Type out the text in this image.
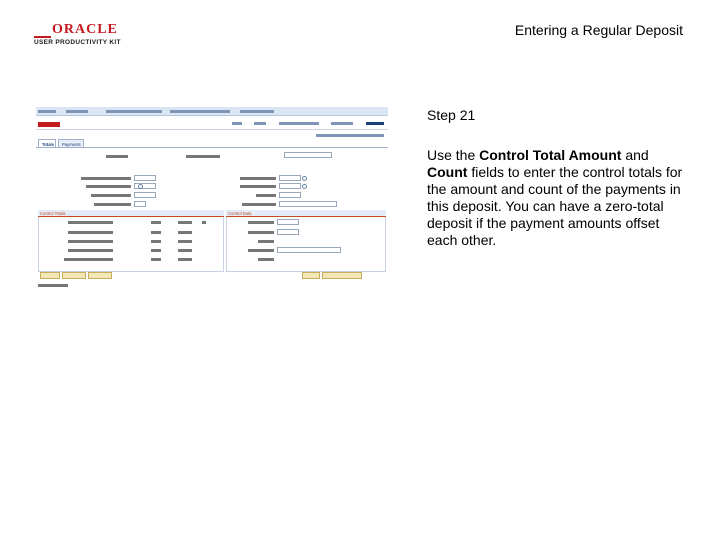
ORACLE
USER PRODUCTIVITY KIT
Entering a Regular Deposit
Totals	Payments
Control Totals	Control Data
Step 21
Use the Control Total Amount and Count fields to enter the control totals for the amount and count of the payments in this deposit. You can have a zero-total deposit if the payment amounts offset each other.
